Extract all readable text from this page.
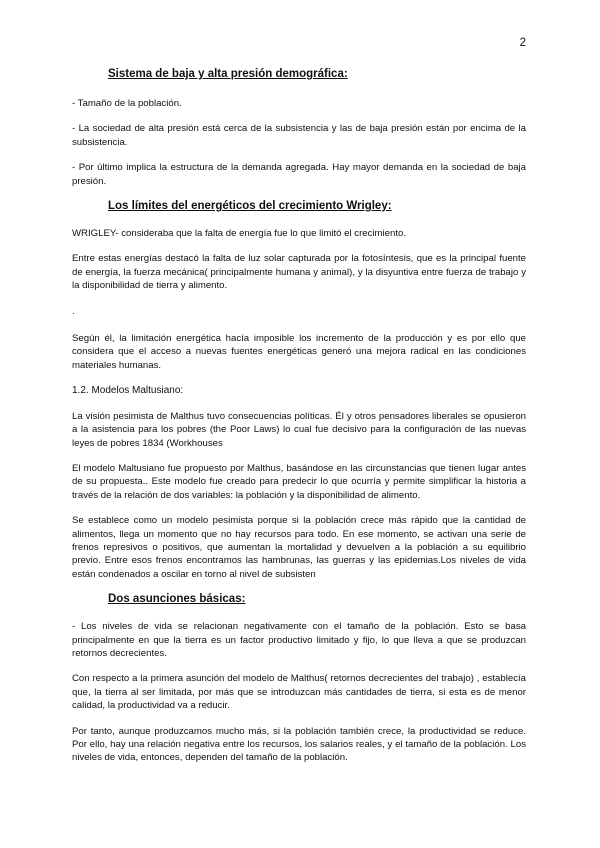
2
Sistema de baja y alta presión demográfica:

- Tamaño de la población.

- La sociedad de alta presión está cerca de la subsistencia y las de baja presión están por encima de la subsistencia.

- Por último implica la estructura de la demanda agregada. Hay mayor demanda en la sociedad de baja presión.

Los límites del energéticos del crecimiento Wrigley:

WRIGLEY- consideraba que la falta de energía fue lo que limitó el crecimiento.

Entre estas energías destacó la falta de luz solar capturada por la fotosíntesis, que es la principal fuente de energía, la fuerza mecánica( principalmente humana y animal), y la disyuntiva entre fuerza de trabajo y la disponibilidad de tierra y alimento.

.

Según él, la limitación energética hacía imposible los incremento de la producción y es por ello que considera que el acceso a nuevas fuentes energéticas generó una mejora radical en las condiciones materiales humanas.

1.2. Modelos Maltusiano:

La visión pesimista de Malthus tuvo consecuencias políticas. Él y otros pensadores liberales se opusieron a la asistencia para los pobres (the Poor Laws) lo cual fue decisivo para la configuración de las nuevas leyes de pobres 1834 (Workhouses

El modelo Maltusiano fue propuesto por Malthus, basándose en las circunstancias que tienen lugar antes de su propuesta.. Este modelo fue creado para predecir lo que ocurría y permite simplificar la historia a través de la relación de dos variables: la población y la disponibilidad de alimento.

Se establece como un modelo pesimista porque si la población crece más rápido que la cantidad de alimentos, llega un momento que no hay recursos para todo. En ese momento, se activan una serie de frenos represivos o positivos, que aumentan la mortalidad y devuelven a la población a su equilibrio previo. Entre esos frenos encontramos las hambrunas, las guerras y las epidemias.Los niveles de vida están condenados a oscilar en torno al nivel de subsisten

Dos asunciones básicas:

- Los niveles de vida se relacionan negativamente con el tamaño de la población. Esto se basa principalmente en que la tierra es un factor productivo limitado y fijo, lo que lleva a que se produzcan retornos decrecientes.

Con respecto a la primera asunción del modelo de Malthus( retornos decrecientes del trabajo) , establecía que, la tierra al ser limitada, por más que se introduzcan más cantidades de tierra, si esta es de menor calidad, la productividad va a reducir.

Por tanto, aunque produzcamos mucho más, si la población también crece, la productividad se reduce. Por ello, hay una relación negativa entre los recursos, los salarios reales, y el tamaño de la población. Los niveles de vida, entonces, dependen del tamaño de la población.
